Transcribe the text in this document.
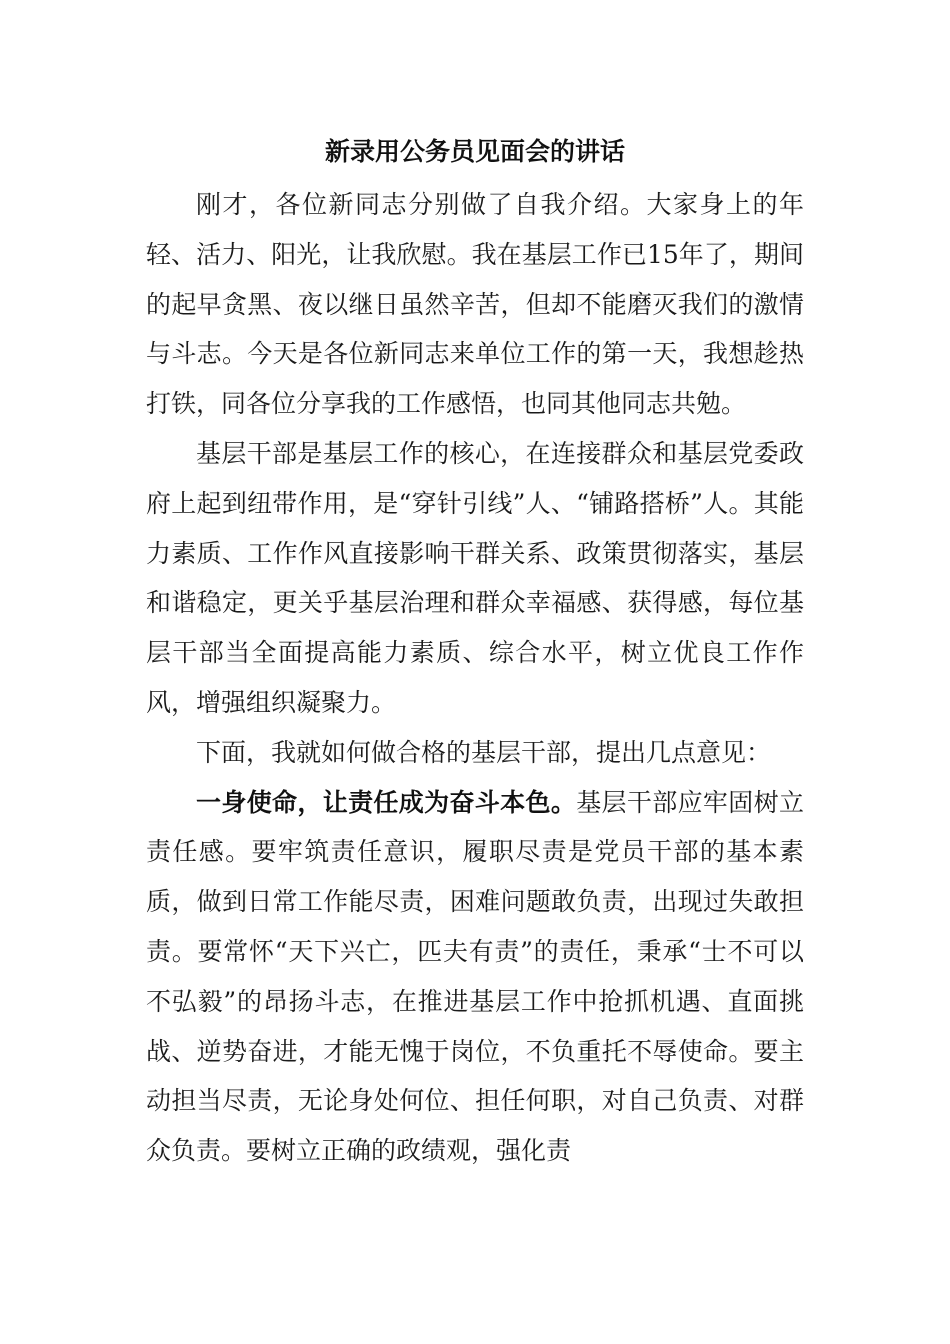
新录用公务员见面会的讲话

刚才，各位新同志分别做了自我介绍。大家身上的年轻、活力、阳光，让我欣慰。我在基层工作已15年了，期间的起早贪黑、夜以继日虽然辛苦，但却不能磨灭我们的激情与斗志。今天是各位新同志来单位工作的第一天，我想趁热打铁，同各位分享我的工作感悟，也同其他同志共勉。

基层干部是基层工作的核心，在连接群众和基层党委政府上起到纽带作用，是“穿针引线”人、“铺路搭桥”人。其能力素质、工作作风直接影响干群关系、政策贯彻落实，基层和谐稳定，更关乎基层治理和群众幸福感、获得感，每位基层干部当全面提高能力素质、综合水平，树立优良工作作风，增强组织凝聚力。

下面，我就如何做合格的基层干部，提出几点意见：

一身使命，让责任成为奋斗本色。基层干部应牢固树立责任感。要牢筑责任意识，履职尽责是党员干部的基本素质，做到日常工作能尽责，困难问题敢负责，出现过失敢担责。要常怀“天下兴亡，匹夫有责”的责任，秉承“士不可以不弘毅”的昂扬斗志，在推进基层工作中抢抓机遇、直面挑战、逆势奋进，才能无愧于岗位，不负重托不辱使命。要主动担当尽责，无论身处何位、担任何职，对自己负责、对群众负责。要树立正确的政绩观，强化责
